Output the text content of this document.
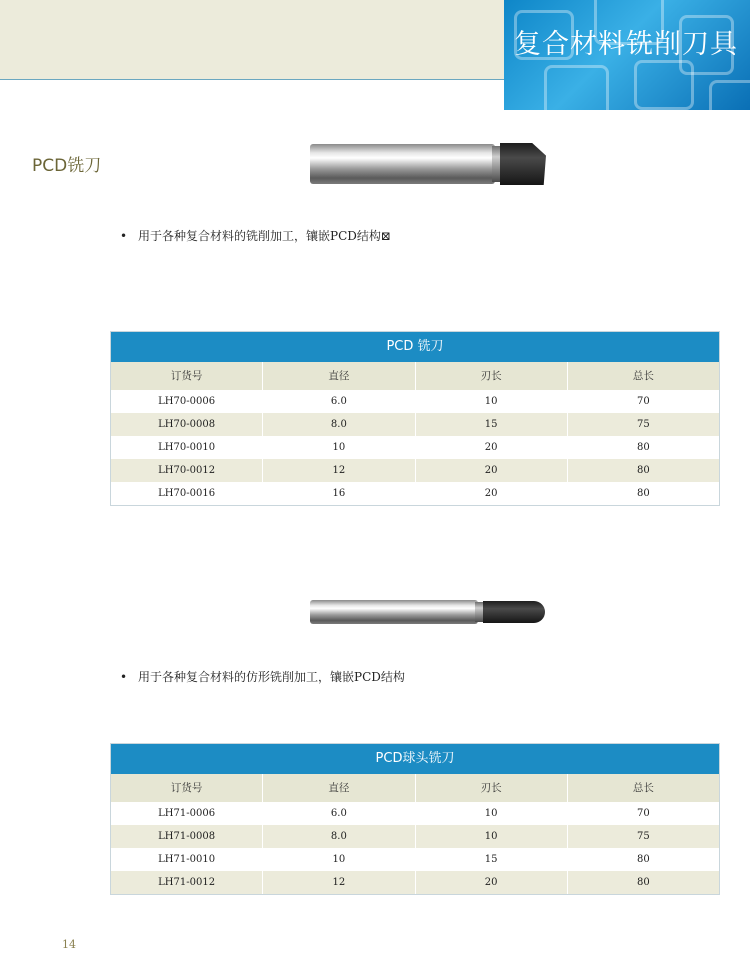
复合材料铣削刀具
PCD铣刀
• 用于各种复合材料的铣削加工，镶嵌PCD结构⊠
PCD 铣刀
订货号	直径	刃长	总长
LH70-0006	6.0	10	70
LH70-0008	8.0	15	75
LH70-0010	10	20	80
LH70-0012	12	20	80
LH70-0016	16	20	80
• 用于各种复合材料的仿形铣削加工，镶嵌PCD结构
PCD球头铣刀
订货号	直径	刃长	总长
LH71-0006	6.0	10	70
LH71-0008	8.0	10	75
LH71-0010	10	15	80
LH71-0012	12	20	80
14
